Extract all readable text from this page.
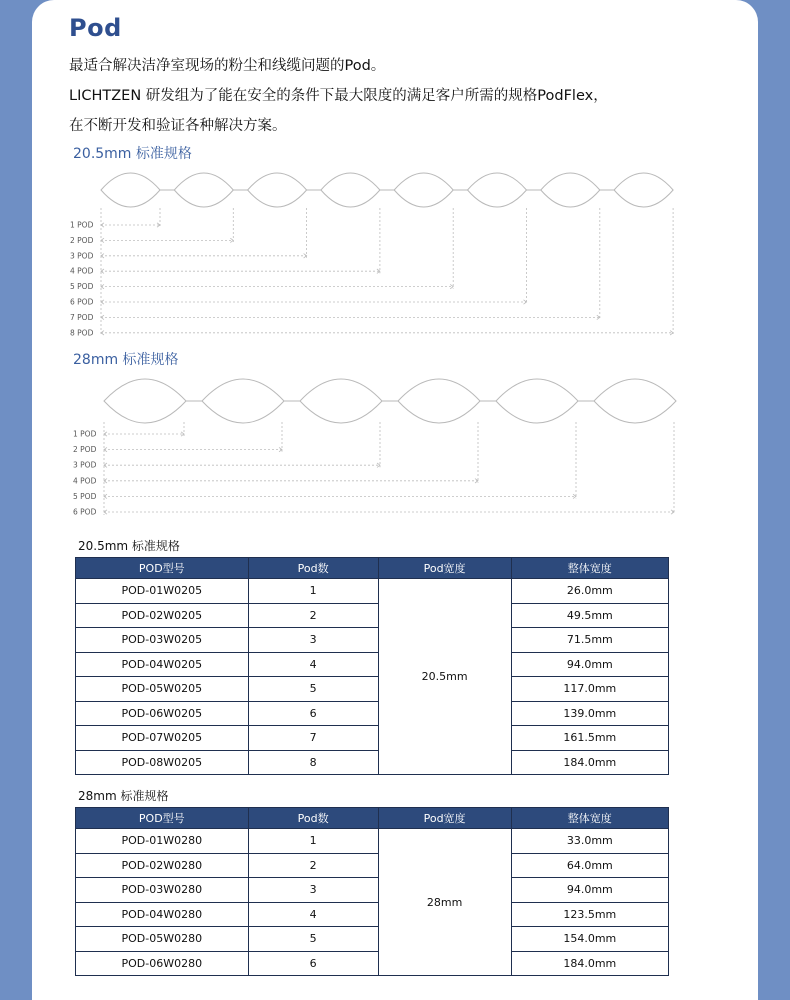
Pod
最适合解决洁净室现场的粉尘和线缆问题的Pod。
LICHTZEN 研发组为了能在安全的条件下最大限度的满足客户所需的规格PodFlex，
在不断开发和验证各种解决方案。
20.5mm 标准规格
1 POD
2 POD
3 POD
4 POD
5 POD
6 POD
7 POD
8 POD
28mm 标准规格
1 POD
2 POD
3 POD
4 POD
5 POD
6 POD
20.5mm 标准规格
POD型号	Pod数	Pod宽度	整体宽度
POD-01W0205	1	20.5mm	26.0mm
POD-02W0205	2		49.5mm
POD-03W0205	3		71.5mm
POD-04W0205	4		94.0mm
POD-05W0205	5		117.0mm
POD-06W0205	6		139.0mm
POD-07W0205	7		161.5mm
POD-08W0205	8		184.0mm
28mm 标准规格
POD型号	Pod数	Pod宽度	整体宽度
POD-01W0280	1	28mm	33.0mm
POD-02W0280	2		64.0mm
POD-03W0280	3		94.0mm
POD-04W0280	4		123.5mm
POD-05W0280	5		154.0mm
POD-06W0280	6		184.0mm
